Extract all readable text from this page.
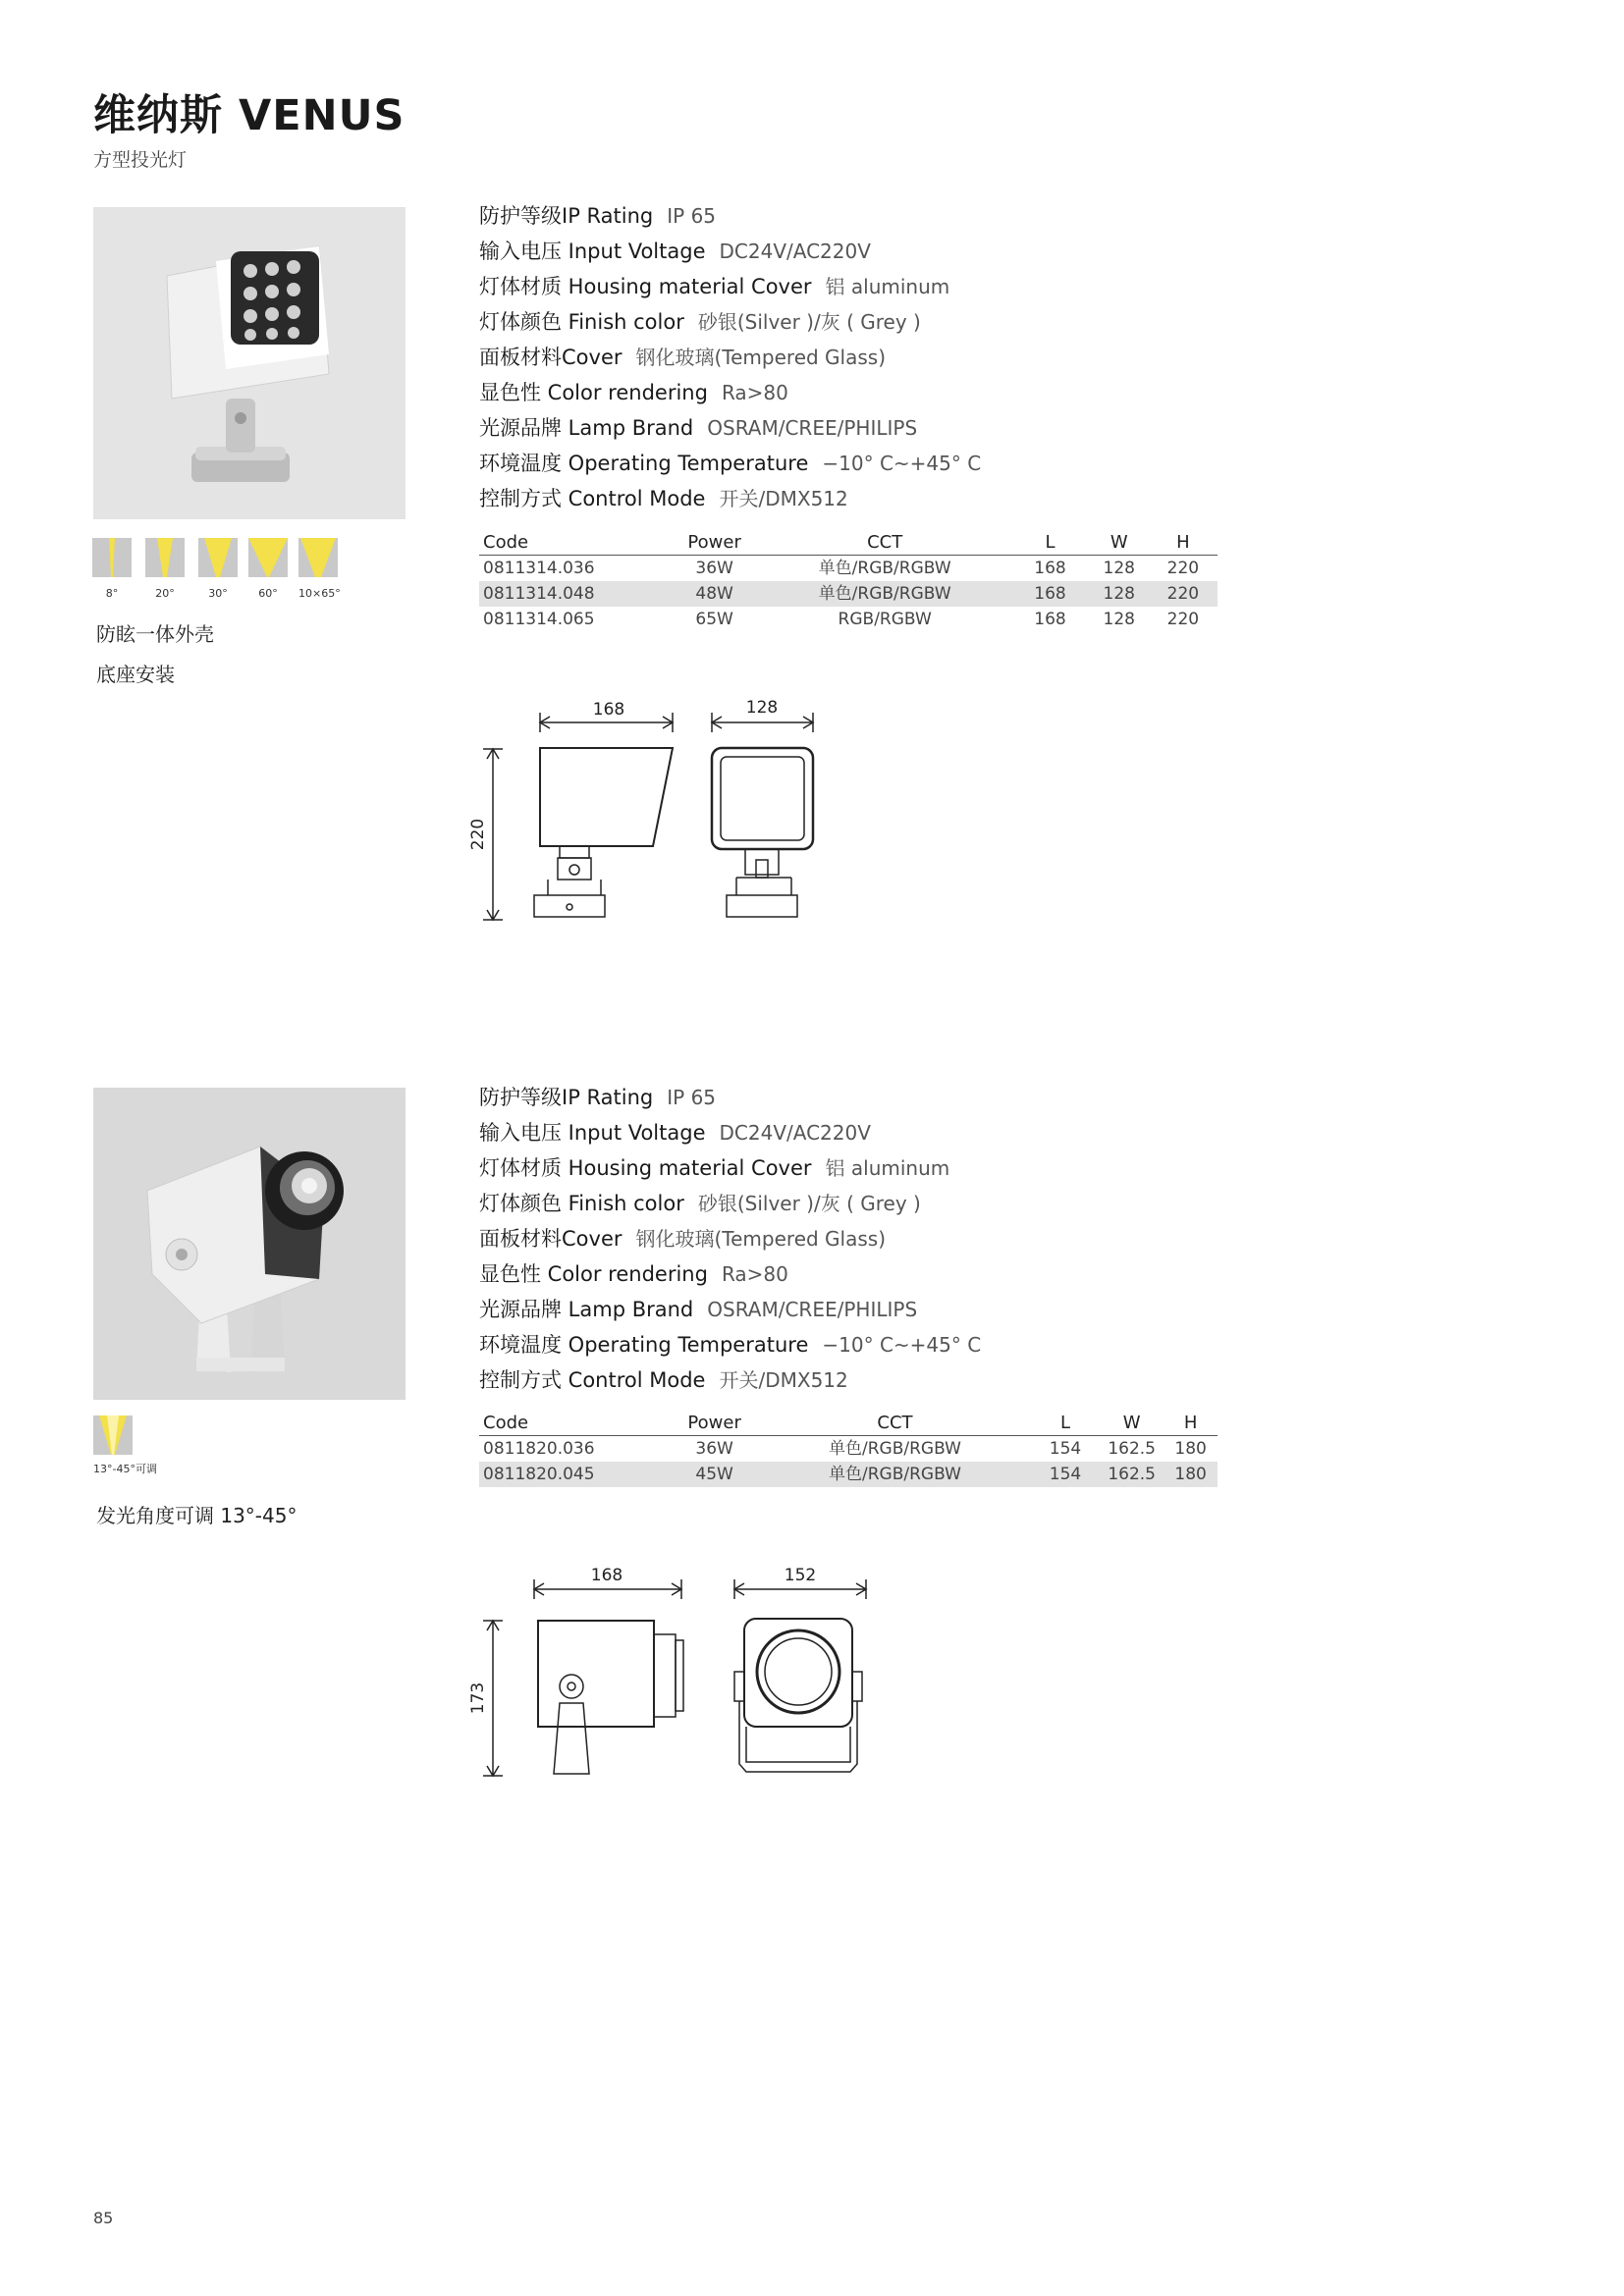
维纳斯 VENUS
方型投光灯
8°	20°	30°	60°	10×65°
防眩一体外壳
底座安装
防护等级IP Rating IP 65
输入电压 Input Voltage DC24V/AC220V
灯体材质 Housing material Cover 铝 aluminum
灯体颜色 Finish color 砂银(Silver )/灰 ( Grey )
面板材料Cover 钢化玻璃(Tempered Glass)
显色性 Color rendering Ra>80
光源品牌 Lamp Brand OSRAM/CREE/PHILIPS
环境温度 Operating Temperature −10° C~+45° C
控制方式 Control Mode 开关/DMX512
Code	Power	CCT	L	W	H
0811314.036	36W	单色/RGB/RGBW	168	128	220
0811314.048	48W	单色/RGB/RGBW	168	128	220
0811314.065	65W	RGB/RGBW	168	128	220
168	128
220
13°-45°可调
发光角度可调 13°-45°
防护等级IP Rating IP 65
输入电压 Input Voltage DC24V/AC220V
灯体材质 Housing material Cover 铝 aluminum
灯体颜色 Finish color 砂银(Silver )/灰 ( Grey )
面板材料Cover 钢化玻璃(Tempered Glass)
显色性 Color rendering Ra>80
光源品牌 Lamp Brand OSRAM/CREE/PHILIPS
环境温度 Operating Temperature −10° C~+45° C
控制方式 Control Mode 开关/DMX512
Code	Power	CCT	L	W	H
0811820.036	36W	单色/RGB/RGBW	154	162.5	180
0811820.045	45W	单色/RGB/RGBW	154	162.5	180
168	152
173
85
